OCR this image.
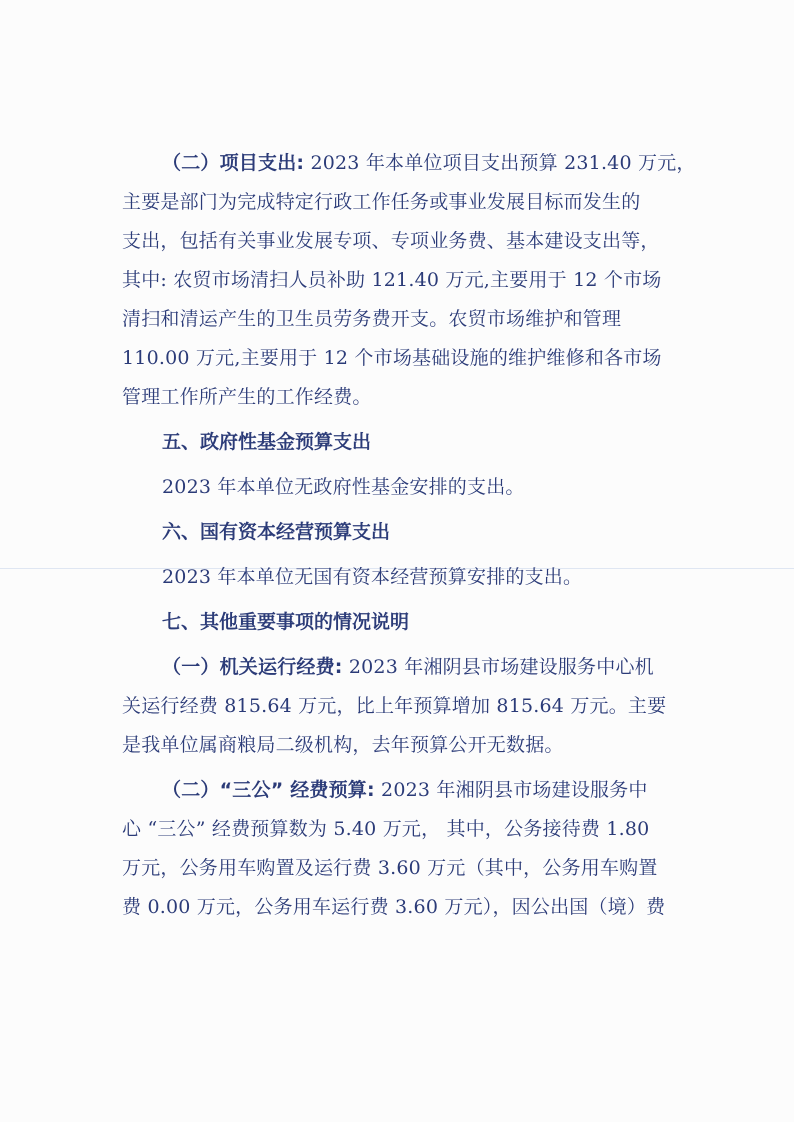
（二）项目支出: 2023 年本单位项目支出预算 231.40 万元，
主要是部门为完成特定行政工作任务或事业发展目标而发生的
支出，包括有关事业发展专项、专项业务费、基本建设支出等，
其中: 农贸市场清扫人员补助 121.40 万元,主要用于 12 个市场
清扫和清运产生的卫生员劳务费开支。农贸市场维护和管理
110.00 万元,主要用于 12 个市场基础设施的维护维修和各市场
管理工作所产生的工作经费。
五、政府性基金预算支出
2023 年本单位无政府性基金安排的支出。
六、国有资本经营预算支出
2023 年本单位无国有资本经营预算安排的支出。
七、其他重要事项的情况说明
（一）机关运行经费: 2023 年湘阴县市场建设服务中心机
关运行经费 815.64 万元，比上年预算增加 815.64 万元。主要
是我单位属商粮局二级机构，去年预算公开无数据。
（二）“三公” 经费预算: 2023 年湘阴县市场建设服务中
心 “三公” 经费预算数为 5.40 万元， 其中，公务接待费 1.80
万元，公务用车购置及运行费 3.60 万元（其中，公务用车购置
费 0.00 万元，公务用车运行费 3.60 万元），因公出国（境）费
